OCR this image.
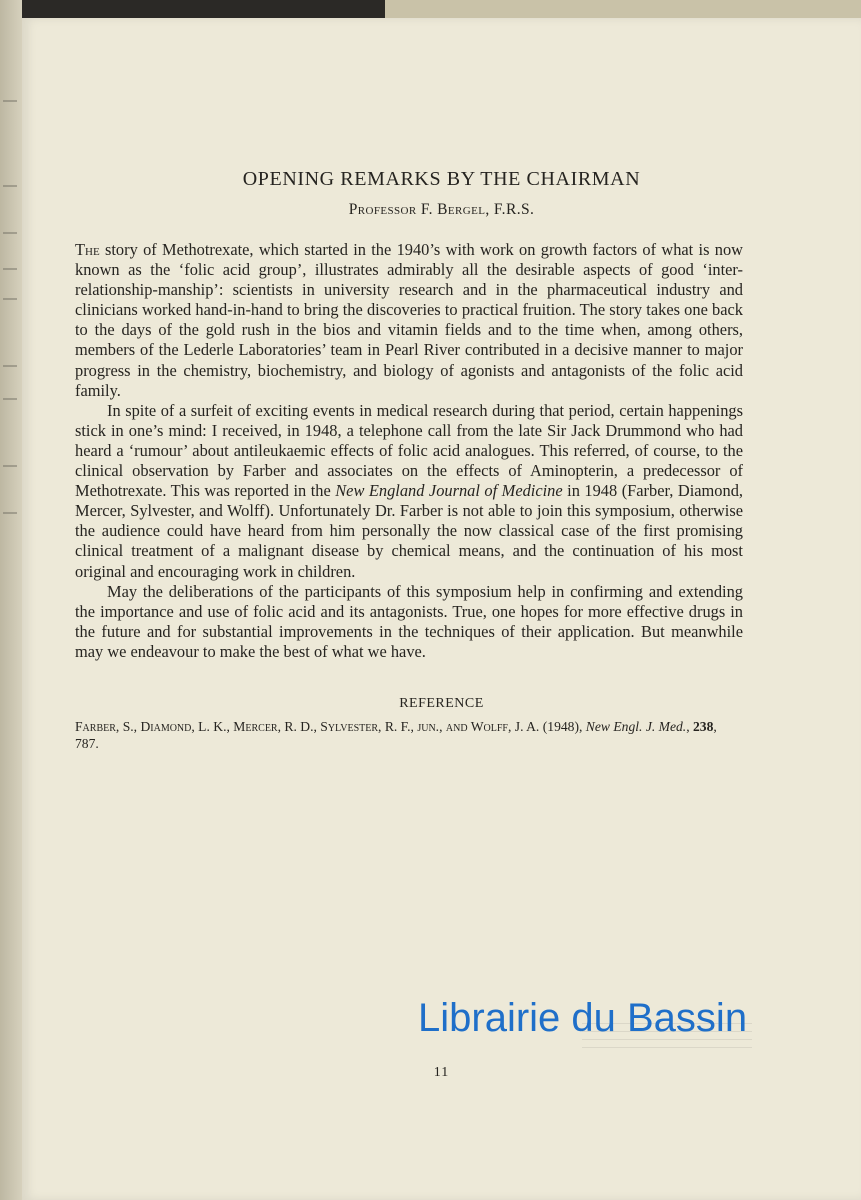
OPENING REMARKS BY THE CHAIRMAN
Professor F. Bergel, F.R.S.

The story of Methotrexate, which started in the 1940’s with work on growth factors of what is now known as the ‘folic acid group’, illustrates admirably all the desirable aspects of good ‘inter-relationship-manship’: scientists in university research and in the pharmaceutical industry and clinicians worked hand-in-hand to bring the discoveries to practical fruition. The story takes one back to the days of the gold rush in the bios and vitamin fields and to the time when, among others, members of the Lederle Laboratories’ team in Pearl River contributed in a decisive manner to major progress in the chemistry, biochemistry, and biology of agonists and antagonists of the folic acid family.

In spite of a surfeit of exciting events in medical research during that period, certain happenings stick in one’s mind: I received, in 1948, a telephone call from the late Sir Jack Drummond who had heard a ‘rumour’ about antileukaemic effects of folic acid analogues. This referred, of course, to the clinical observation by Farber and associates on the effects of Aminopterin, a predecessor of Methotrexate. This was reported in the New England Journal of Medicine in 1948 (Farber, Diamond, Mercer, Sylvester, and Wolff). Unfortunately Dr. Farber is not able to join this symposium, otherwise the audience could have heard from him personally the now classical case of the first promising clinical treatment of a malignant disease by chemical means, and the continuation of his most original and encouraging work in children.

May the deliberations of the participants of this symposium help in confirming and extending the importance and use of folic acid and its antagonists. True, one hopes for more effective drugs in the future and for substantial improvements in the techniques of their application. But meanwhile may we endeavour to make the best of what we have.

REFERENCE
Farber, S., Diamond, L. K., Mercer, R. D., Sylvester, R. F., jun., and Wolff, J. A. (1948), New Engl. J. Med., 238, 787.
11
Librairie du Bassin
